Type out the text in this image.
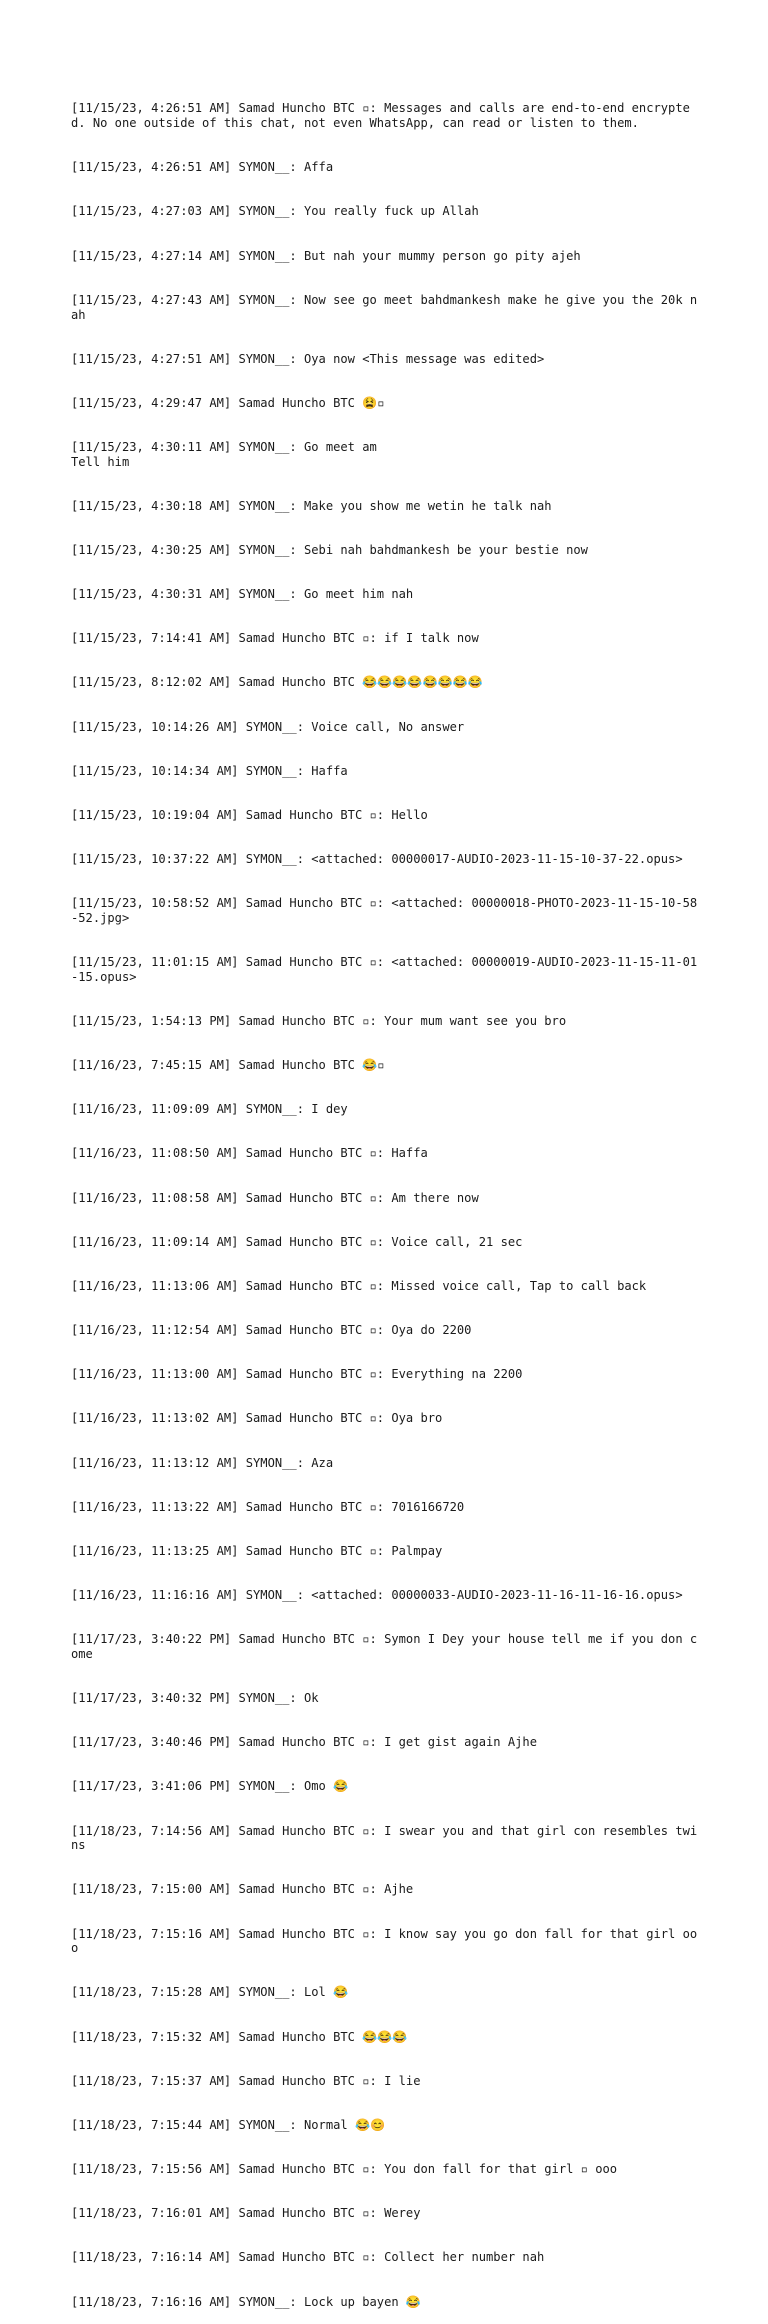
[11/15/23, 4:26:51 AM] Samad Huncho BTC ▫: Messages and calls are end-to-end encrypted. No one outside of this chat, not even WhatsApp, can read or listen to them.

[11/15/23, 4:26:51 AM] SYMON__: Affa

[11/15/23, 4:27:03 AM] SYMON__: You really fuck up Allah

[11/15/23, 4:27:14 AM] SYMON__: But nah your mummy person go pity ajeh

[11/15/23, 4:27:43 AM] SYMON__: Now see go meet bahdmankesh make he give you the 20k nah

[11/15/23, 4:27:51 AM] SYMON__: Oya now <This message was edited>

[11/15/23, 4:29:47 AM] Samad Huncho BTC 😫▫

[11/15/23, 4:30:11 AM] SYMON__: Go meet am
Tell him

[11/15/23, 4:30:18 AM] SYMON__: Make you show me wetin he talk nah

[11/15/23, 4:30:25 AM] SYMON__: Sebi nah bahdmankesh be your bestie now

[11/15/23, 4:30:31 AM] SYMON__: Go meet him nah

[11/15/23, 7:14:41 AM] Samad Huncho BTC ▫: if I talk now

[11/15/23, 8:12:02 AM] Samad Huncho BTC 😂😂😂😂😂😂😂😂

[11/15/23, 10:14:26 AM] SYMON__: Voice call, No answer

[11/15/23, 10:14:34 AM] SYMON__: Haffa

[11/15/23, 10:19:04 AM] Samad Huncho BTC ▫: Hello

[11/15/23, 10:37:22 AM] SYMON__: <attached: 00000017-AUDIO-2023-11-15-10-37-22.opus>

[11/15/23, 10:58:52 AM] Samad Huncho BTC ▫: <attached: 00000018-PHOTO-2023-11-15-10-58-52.jpg>

[11/15/23, 11:01:15 AM] Samad Huncho BTC ▫: <attached: 00000019-AUDIO-2023-11-15-11-01-15.opus>

[11/15/23, 1:54:13 PM] Samad Huncho BTC ▫: Your mum want see you bro

[11/16/23, 7:45:15 AM] Samad Huncho BTC 😂▫

[11/16/23, 11:09:09 AM] SYMON__: I dey

[11/16/23, 11:08:50 AM] Samad Huncho BTC ▫: Haffa

[11/16/23, 11:08:58 AM] Samad Huncho BTC ▫: Am there now

[11/16/23, 11:09:14 AM] Samad Huncho BTC ▫: Voice call, 21 sec

[11/16/23, 11:13:06 AM] Samad Huncho BTC ▫: Missed voice call, Tap to call back

[11/16/23, 11:12:54 AM] Samad Huncho BTC ▫: Oya do 2200

[11/16/23, 11:13:00 AM] Samad Huncho BTC ▫: Everything na 2200

[11/16/23, 11:13:02 AM] Samad Huncho BTC ▫: Oya bro

[11/16/23, 11:13:12 AM] SYMON__: Aza

[11/16/23, 11:13:22 AM] Samad Huncho BTC ▫: 7016166720

[11/16/23, 11:13:25 AM] Samad Huncho BTC ▫: Palmpay

[11/16/23, 11:16:16 AM] SYMON__: <attached: 00000033-AUDIO-2023-11-16-11-16-16.opus>

[11/17/23, 3:40:22 PM] Samad Huncho BTC ▫: Symon I Dey your house tell me if you don come

[11/17/23, 3:40:32 PM] SYMON__: Ok

[11/17/23, 3:40:46 PM] Samad Huncho BTC ▫: I get gist again Ajhe

[11/17/23, 3:41:06 PM] SYMON__: Omo 😂

[11/18/23, 7:14:56 AM] Samad Huncho BTC ▫: I swear you and that girl con resembles twins

[11/18/23, 7:15:00 AM] Samad Huncho BTC ▫: Ajhe

[11/18/23, 7:15:16 AM] Samad Huncho BTC ▫: I know say you go don fall for that girl ooo

[11/18/23, 7:15:28 AM] SYMON__: Lol 😂

[11/18/23, 7:15:32 AM] Samad Huncho BTC 😂😂😂

[11/18/23, 7:15:37 AM] Samad Huncho BTC ▫: I lie

[11/18/23, 7:15:44 AM] SYMON__: Normal 😂😊

[11/18/23, 7:15:56 AM] Samad Huncho BTC ▫: You don fall for that girl ▫ ooo

[11/18/23, 7:16:01 AM] Samad Huncho BTC ▫: Werey

[11/18/23, 7:16:14 AM] Samad Huncho BTC ▫: Collect her number nah

[11/18/23, 7:16:16 AM] SYMON__: Lock up bayen 😂
